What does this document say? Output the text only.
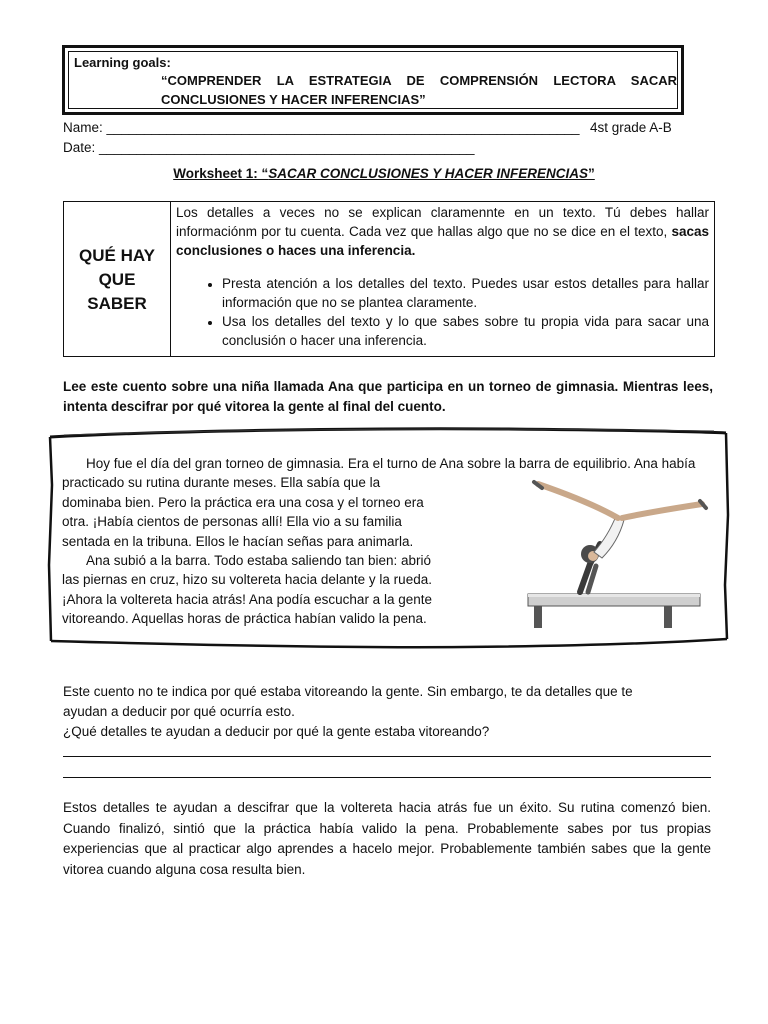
Learning goals:
“COMPRENDER LA ESTRATEGIA DE COMPRENSIÓN LECTORA SACAR CONCLUSIONES Y HACER INFERENCIAS”
Name: _______________________________________________________________ 4st grade A-B
Date: __________________________________________________
Worksheet 1: “SACAR CONCLUSIONES Y HACER INFERENCIAS”
QUÉ HAY
QUE
SABER
Los detalles a veces no se explican claramennte en un texto. Tú debes hallar informaciónm por tu cuenta. Cada vez que hallas algo que no se dice en el texto, sacas conclusiones o haces una inferencia.
• Presta atención a los detalles del texto. Puedes usar estos detalles para hallar información que no se plantea claramente.
• Usa los detalles del texto y lo que sabes sobre tu propia vida para sacar una conclusión o hacer una inferencia.
Lee este cuento sobre una niña llamada Ana que participa en un torneo de gimnasia. Mientras lees, intenta descifrar por qué vitorea la gente al final del cuento.

Hoy fue el día del gran torneo de gimnasia. Era el turno de Ana sobre la barra de equilibrio. Ana había

practicado su rutina durante meses. Ella sabía que la dominaba bien. Pero la práctica era una cosa y el torneo era otra. ¡Había cientos de personas allí! Ella vio a su familia sentada en la tribuna. Ellos le hacían señas para animarla.

Ana subió a la barra. Todo estaba saliendo tan bien: abrió las piernas en cruz, hizo su voltereta hacia delante y la rueda. ¡Ahora la voltereta hacia atrás! Ana podía escuchar a la gente vitoreando. Aquellas horas de práctica habían valido la pena.

Este cuento no te indica por qué estaba vitoreando la gente. Sin embargo, te da detalles que te
ayudan a deducir por qué ocurría esto.
¿Qué detalles te ayudan a deducir por qué la gente estaba vitoreando?
Estos detalles te ayudan a descifrar que la voltereta hacia atrás fue un éxito. Su rutina comenzó bien. Cuando finalizó, sintió que la práctica había valido la pena. Probablemente sabes por tus propias experiencias que al practicar algo aprendes a hacelo mejor. Probablemente también sabes que la gente vitorea cuando alguna cosa resulta bien.
